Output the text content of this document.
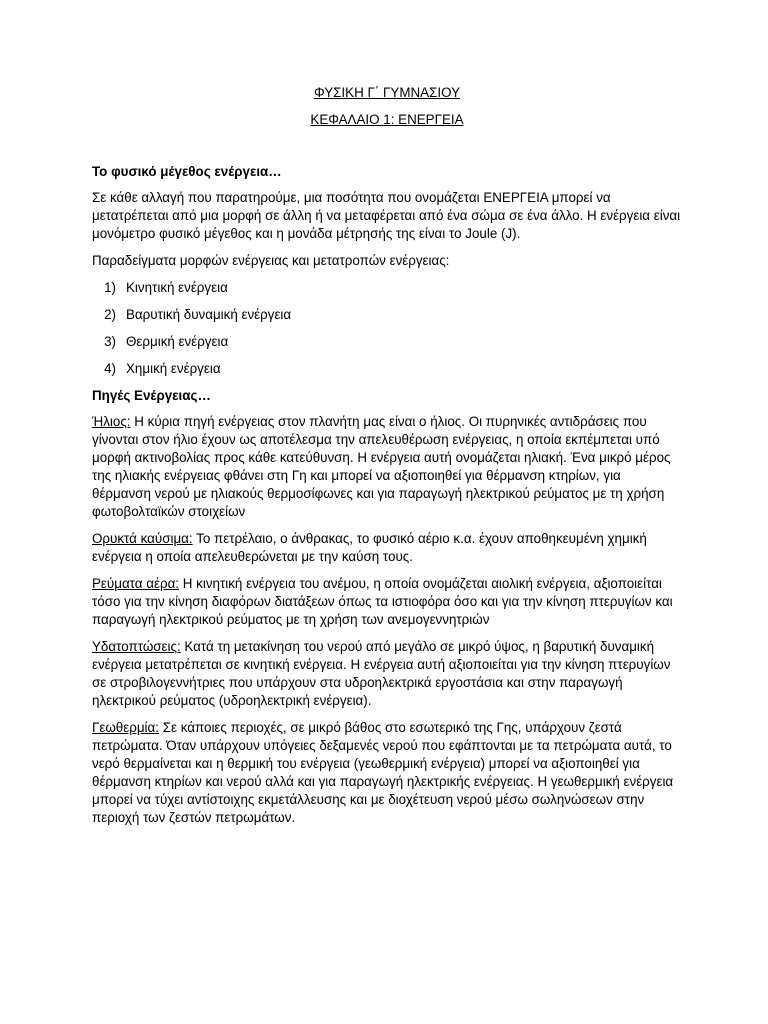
ΦΥΣΙΚΗ Γ΄ ΓΥΜΝΑΣΙΟΥ
ΚΕΦΑΛΑΙΟ 1: ΕΝΕΡΓΕΙΑ
Το φυσικό μέγεθος ενέργεια…

Σε κάθε αλλαγή που παρατηρούμε, μια ποσότητα που ονομάζεται ΕΝΕΡΓΕΙΑ μπορεί να μετατρέπεται από μια μορφή σε άλλη ή να μεταφέρεται από ένα σώμα σε ένα άλλο. Η ενέργεια είναι μονόμετρο φυσικό μέγεθος και η μονάδα μέτρησής της είναι το Joule (J).

Παραδείγματα μορφών ενέργειας και μετατροπών ενέργειας:

1) Κινητική ενέργεια
2) Βαρυτική δυναμική ενέργεια
3) Θερμική ενέργεια
4) Χημική ενέργεια
Πηγές Ενέργειας…

Ήλιος: Η κύρια πηγή ενέργειας στον πλανήτη μας είναι ο ήλιος. Οι πυρηνικές αντιδράσεις που γίνονται στον ήλιο έχουν ως αποτέλεσμα την απελευθέρωση ενέργειας, η οποία εκπέμπεται υπό μορφή ακτινοβολίας προς κάθε κατεύθυνση. Η ενέργεια αυτή ονομάζεται ηλιακή. Ένα μικρό μέρος της ηλιακής ενέργειας φθάνει στη Γη και μπορεί να αξιοποιηθεί για θέρμανση κτηρίων, για θέρμανση νερού με ηλιακούς θερμοσίφωνες και για παραγωγή ηλεκτρικού ρεύματος με τη χρήση φωτοβολταϊκών στοιχείων

Ορυκτά καύσιμα: Το πετρέλαιο, ο άνθρακας, το φυσικό αέριο κ.α. έχουν αποθηκευμένη χημική ενέργεια η οποία απελευθερώνεται με την καύση τους.

Ρεύματα αέρα: Η κινητική ενέργεια του ανέμου, η οποία ονομάζεται αιολική ενέργεια, αξιοποιείται τόσο για την κίνηση διαφόρων διατάξεων όπως τα ιστιοφόρα όσο και για την κίνηση πτερυγίων και παραγωγή ηλεκτρικού ρεύματος με τη χρήση των ανεμογεννητριών

Υδατοπτώσεις: Κατά τη μετακίνηση του νερού από μεγάλο σε μικρό ύψος, η βαρυτική δυναμική ενέργεια μετατρέπεται σε κινητική ενέργεια. Η ενέργεια αυτή αξιοποιείται για την κίνηση πτερυγίων σε στροβιλογεννήτριες που υπάρχουν στα υδροηλεκτρικά εργοστάσια και στην παραγωγή ηλεκτρικού ρεύματος (υδροηλεκτρική ενέργεια).

Γεωθερμία: Σε κάποιες περιοχές, σε μικρό βάθος στο εσωτερικό της Γης, υπάρχουν ζεστά πετρώματα. Όταν υπάρχουν υπόγειες δεξαμενές νερού που εφάπτονται με τα πετρώματα αυτά, το νερό θερμαίνεται και η θερμική του ενέργεια (γεωθερμική ενέργεια) μπορεί να αξιοποιηθεί για θέρμανση κτηρίων και νερού αλλά και για παραγωγή ηλεκτρικής ενέργειας. Η γεωθερμική ενέργεια μπορεί να τύχει αντίστοιχης εκμετάλλευσης και με διοχέτευση νερού μέσω σωληνώσεων στην περιοχή των ζεστών πετρωμάτων.
